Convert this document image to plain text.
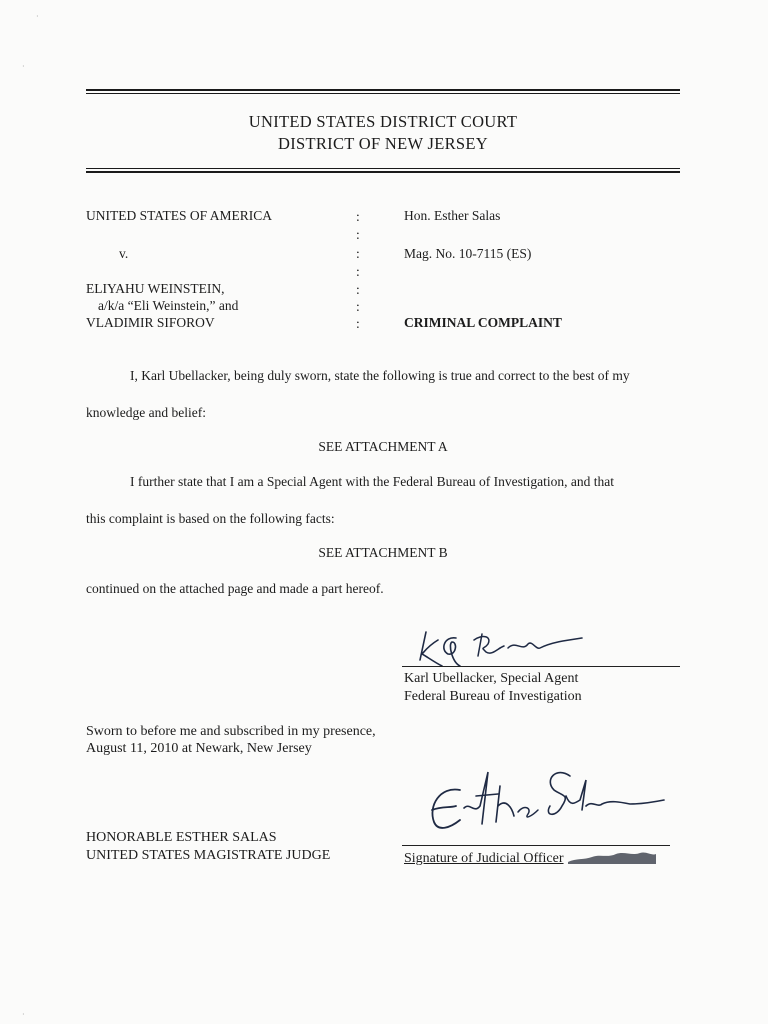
·
·
·
UNITED STATES DISTRICT COURT
DISTRICT OF NEW JERSEY
UNITED STATES OF AMERICA
v.
ELIYAHU WEINSTEIN,
a/k/a “Eli Weinstein,” and
VLADIMIR SIFOROV
:
:
:
:
:
:
:
Hon. Esther Salas
Mag. No. 10-7115 (ES)
CRIMINAL COMPLAINT
I, Karl Ubellacker, being duly sworn, state the following is true and correct to the best of my
knowledge and belief:
SEE ATTACHMENT A
I further state that I am a Special Agent with the Federal Bureau of Investigation, and that
this complaint is based on the following facts:
SEE ATTACHMENT B
continued on the attached page and made a part hereof.
Karl Ubellacker, Special Agent
Federal Bureau of Investigation
Sworn to before me and subscribed in my presence,
August 11, 2010 at Newark, New Jersey
HONORABLE ESTHER SALAS
UNITED STATES MAGISTRATE JUDGE	Signature of Judicial Officer
